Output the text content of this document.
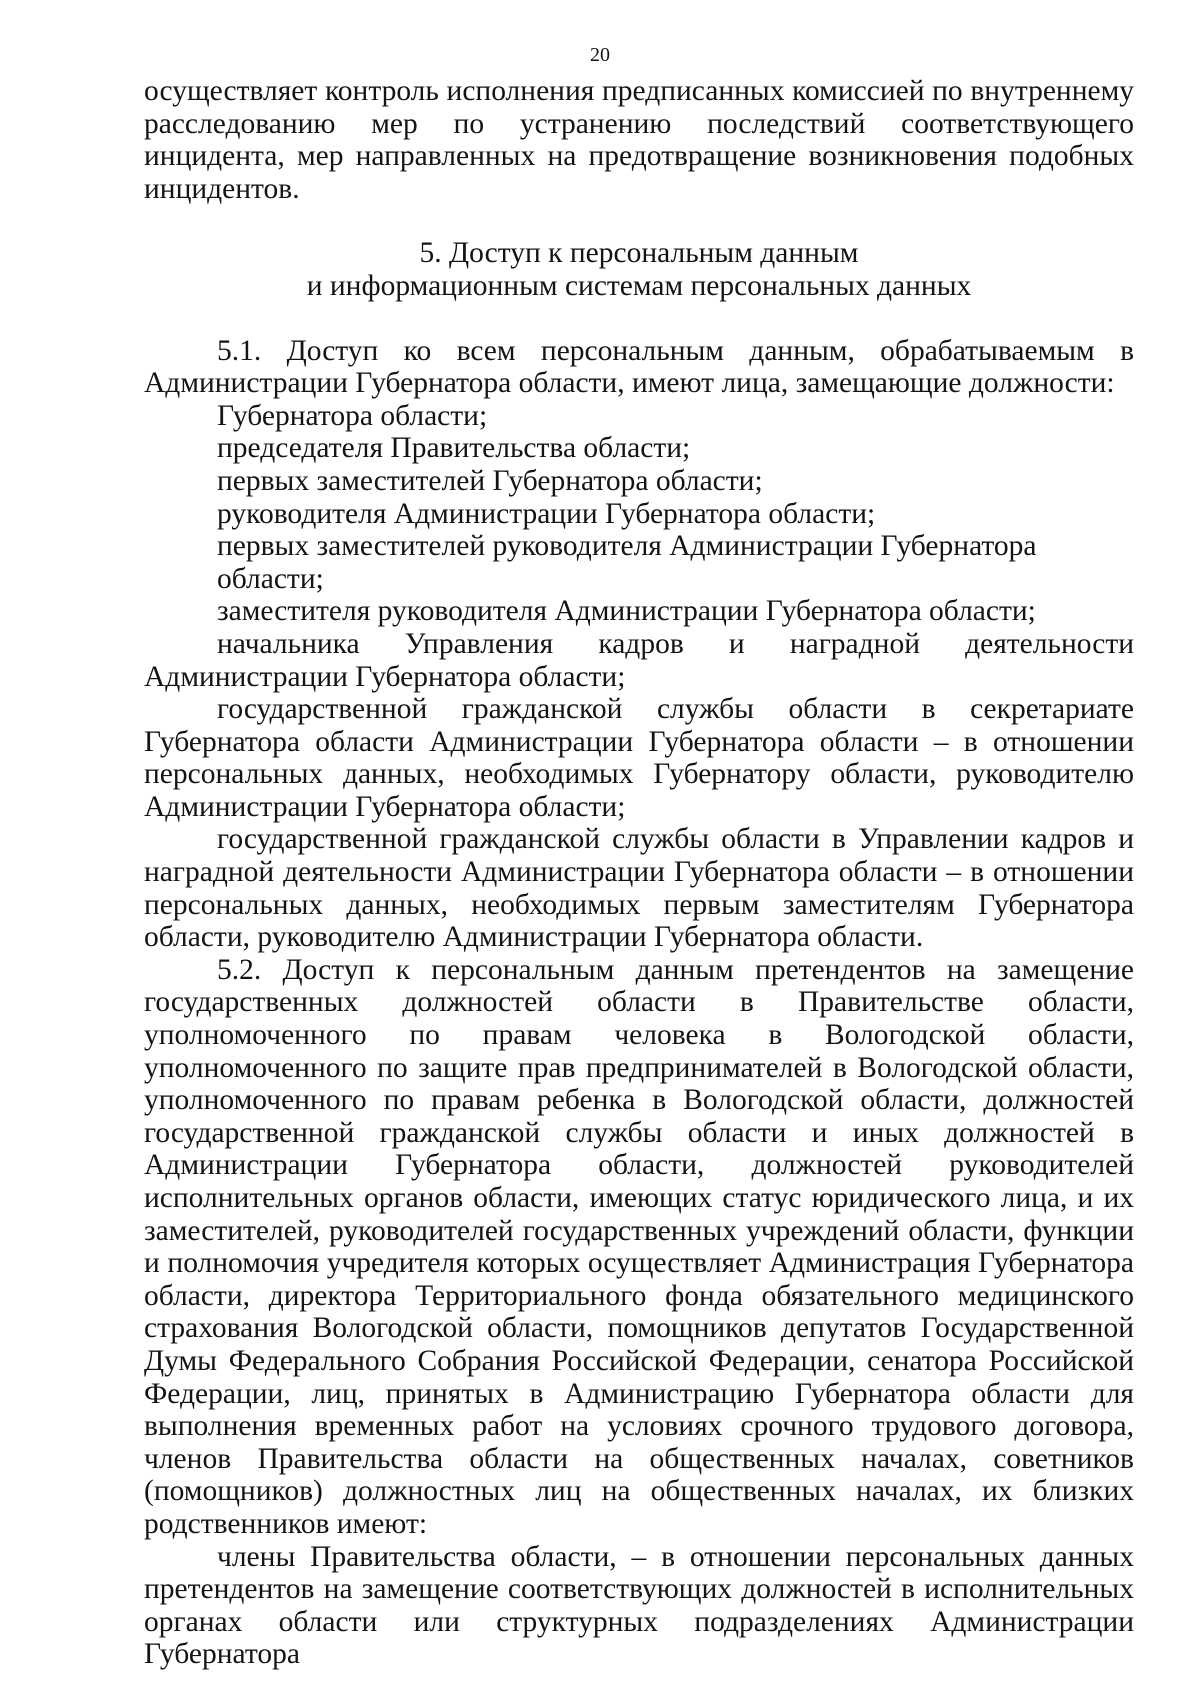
20

осуществляет контроль исполнения предписанных комиссией по внутреннему расследованию мер по устранению последствий соответствующего инцидента, мер направленных на предотвращение возникновения подобных инцидентов.

5. Доступ к персональным данным
и информационным системам персональных данных

5.1. Доступ ко всем персональным данным, обрабатываемым в Администрации Губернатора области, имеют лица, замещающие должности:

Губернатора области;

председателя Правительства области;

первых заместителей Губернатора области;

руководителя Администрации Губернатора области;

первых заместителей руководителя Администрации Губернатора области;

заместителя руководителя Администрации Губернатора области;

начальника Управления кадров и наградной деятельности Администрации Губернатора области;

государственной гражданской службы области в секретариате Губернатора области Администрации Губернатора области – в отношении персональных данных, необходимых Губернатору области, руководителю Администрации Губернатора области;

государственной гражданской службы области в Управлении кадров и наградной деятельности Администрации Губернатора области – в отношении персональных данных, необходимых первым заместителям Губернатора области, руководителю Администрации Губернатора области.

5.2. Доступ к персональным данным претендентов на замещение государственных должностей области в Правительстве области, уполномоченного по правам человека в Вологодской области, уполномоченного по защите прав предпринимателей в Вологодской области, уполномоченного по правам ребенка в Вологодской области, должностей государственной гражданской службы области и иных должностей в Администрации Губернатора области, должностей руководителей исполнительных органов области, имеющих статус юридического лица, и их заместителей, руководителей государственных учреждений области, функции и полномочия учредителя которых осуществляет Администрация Губернатора области, директора Территориального фонда обязательного медицинского страхования Вологодской области, помощников депутатов Государственной Думы Федерального Собрания Российской Федерации, сенатора Российской Федерации, лиц, принятых в Администрацию Губернатора области для выполнения временных работ на условиях срочного трудового договора, членов Правительства области на общественных началах, советников (помощников) должностных лиц на общественных началах, их близких родственников имеют:

члены Правительства области, – в отношении персональных данных претендентов на замещение соответствующих должностей в исполнительных органах области или структурных подразделениях Администрации Губернатора
